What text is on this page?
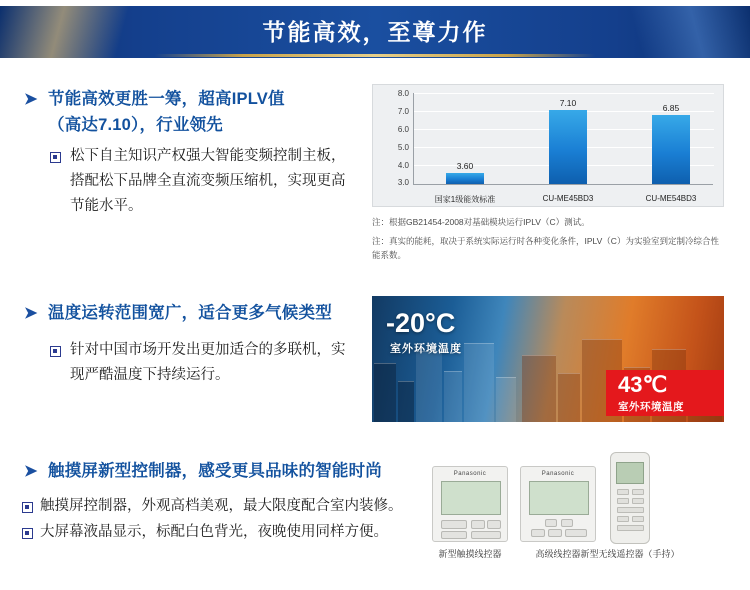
节能高效，至尊力作
➤ 节能高效更胜一筹，超高IPLV值
（高达7.10），行业领先
松下自主知识产权强大智能变频控制主板，搭配松下品牌全直流变频压缩机，实现更高节能水平。
3.60
7.10	6.85
国家1级能效标准	CU-ME45BD3	CU-ME54BD3
8.0
7.0
6.0
5.0
4.0
3.0
注：根据GB21454-2008对基础模块运行IPLV（C）测试。
注：真实的能耗，取决于系统实际运行时各种变化条件，IPLV（C）为实验室到定制冷综合性能系数。
➤ 温度运转范围宽广，适合更多气候类型
针对中国市场开发出更加适合的多联机，实现严酷温度下持续运行。
-20°C
室外环境温度
43℃
室外环境温度
➤ 触摸屏新型控制器，感受更具品味的智能时尚
触摸屏控制器，外观高档美观，最大限度配合室内装修。
大屏幕液晶显示，标配白色背光，夜晚使用同样方便。
Panasonic
新型触摸线控器
Panasonic
高级线控器 新型无线遥控器（手持）
